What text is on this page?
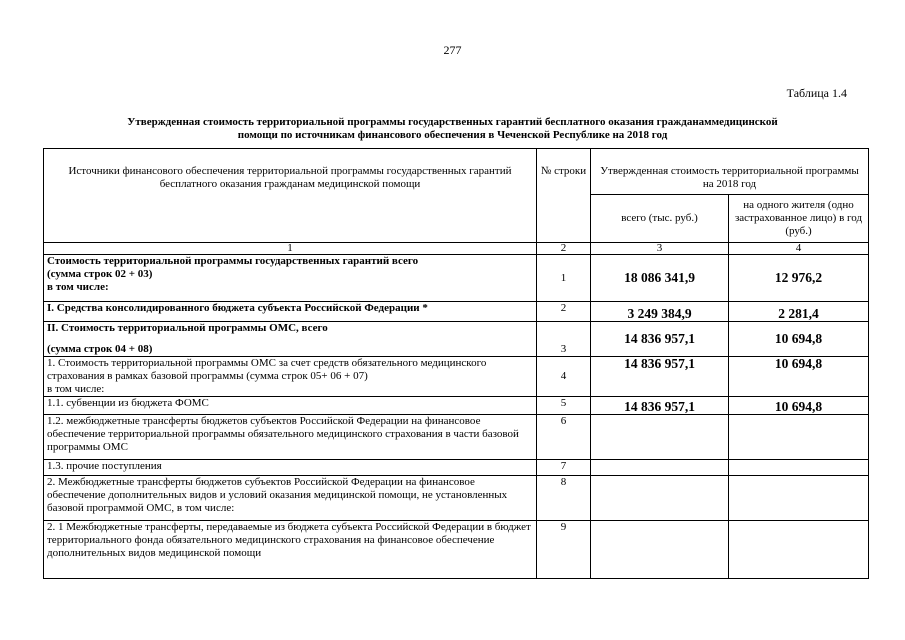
277
Таблица 1.4
Утвержденная стоимость территориальной программы государственных гарантий бесплатного оказания гражданаммедицинской
помощи по источникам финансового обеспечения в Чеченской Республике на 2018 год
Источники финансового обеспечения территориальной программы государственных гарантий бесплатного оказания гражданам медицинской помощи	№ строки	Утвержденная стоимость территориальной программы на 2018 год	
		всего (тыс. руб.)	на одного жителя (одно застрахованное лицо) в год (руб.)
1	2	3	4

Стоимость территориальной программы государственных гарантий всего
(сумма строк 02 + 03)
в том числе:	1	18 086 341,9	12 976,2
I. Средства консолидированного бюджета субъекта Российской Федерации *	2	3 249 384,9	2 281,4

II. Стоимость территориальной программы ОМС, всего
(сумма строк 04 + 08)	3	14 836 957,1	10 694,8

1. Стоимость территориальной программы ОМС за счет средств обязательного медицинского страхования в рамках базовой программы (сумма строк 05+ 06 + 07)
в том числе:	4	14 836 957,1	10 694,8
1.1. субвенции из бюджета ФОМС	5	14 836 957,1	10 694,8
1.2. межбюджетные трансферты бюджетов субъектов Российской Федерации на финансовое обеспечение территориальной программы обязательного медицинского страхования в части базовой программы ОМС	6		
1.3. прочие поступления	7		
2. Межбюджетные трансферты бюджетов субъектов Российской Федерации на финансовое обеспечение дополнительных видов и условий оказания медицинской помощи, не установленных базовой программой ОМС, в том числе:	8		
2. 1 Межбюджетные трансферты, передаваемые из бюджета субъекта Российской Федерации в бюджет территориального фонда обязательного медицинского страхования на финансовое обеспечение дополнительных видов медицинской помощи	9		
